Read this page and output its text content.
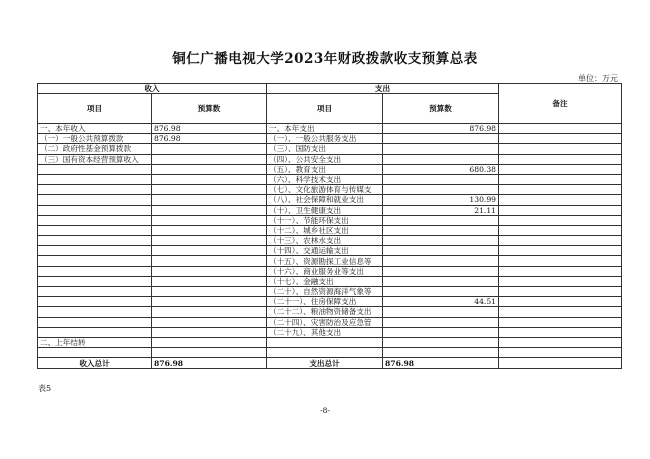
铜仁广播电视大学2023年财政拨款收支预算总表
单位：万元
收入		支出		备注
项目	预算数	项目	预算数	
一、本年收入	876.98	一、本年支出	876.98	
（一）一般公共预算拨款	876.98	（一）、一般公共服务支出		
（二）政府性基金预算拨款		（三）、国防支出		
（三）国有资本经营预算收入		（四）、公共安全支出		
		（五）、教育支出	680.38	
		（六）、科学技术支出		
		（七）、文化旅游体育与传媒支		
		（八）、社会保障和就业支出	130.99	
		（十）、卫生健康支出	21.11	
		（十一）、节能环保支出		
		（十二）、城乡社区支出		
		（十三）、农林水支出		
		（十四）、交通运输支出		
		（十五）、资源勘探工业信息等		
		（十六）、商业服务业等支出		
		（十七）、金融支出		
		（二十）、自然资源海洋气象等		
		（二十一）、住房保障支出	44.51	
		（二十二）、粮油物资储备支出		
		（二十四）、灾害防治及应急管		
		（二十九）、其他支出		
二、上年结转				

收入总计	876.98	支出总计	876.98	
表5
-8-
